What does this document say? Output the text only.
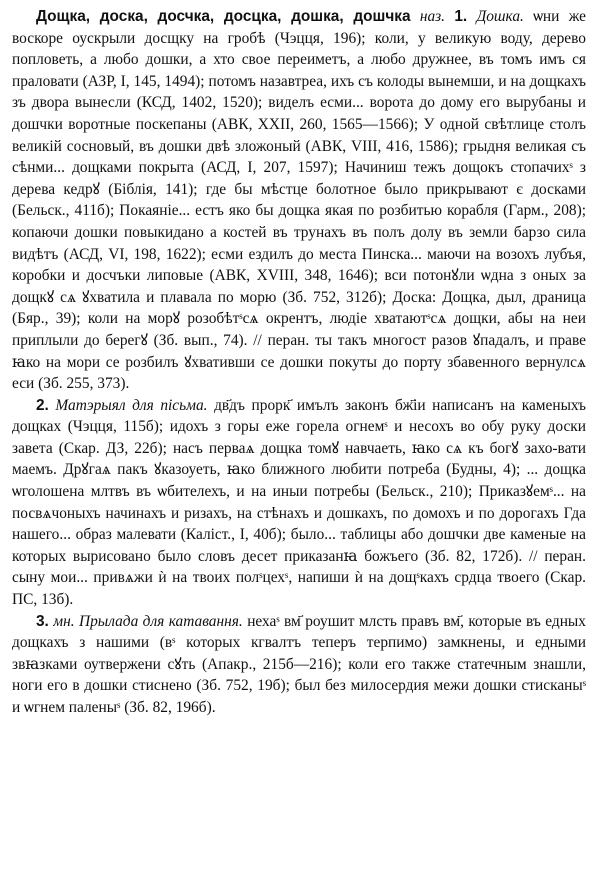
Дощка, доска, досчка, досцка, дошка, дошчка наз. 1. Дошка. ѡни же воскоре оускрыли досщку на гробѣ (Чэцця, 196); коли, у великую воду, дерево попловеть, а любо дошки, а хто свое переиметъ, а любо дружнее, въ томъ имъ ся праловати (АЗР, I, 145, 1494); потомъ назавтреа, ихъ съ колоды вынемши, и на дощкахъ зъ двора вынесли (КСД, 1402, 1520); виделъ есми... ворота до дому его вырубаны и дошчки воротные поскепаны (АВК, XXII, 260, 1565—1566); У одной свѣтлице столъ великій сосновый, въ дошки двѣ зложоный (АВК, VIII, 416, 1586); грыдня великая съ сѣнми... дощками покрыта (АСД, I, 207, 1597); Начиниш тежъ дощокъ стопачихˢ з дерева кедрꙋ (Біблія, 141); где бы мѣстце болотное было прикрывают є досками (Бельск., 411б); Покаяніе... естъ яко бы дощка якая по розбитью корабля (Гарм., 208); копаючи дошки повыкидано а костей въ трунахъ въ полъ долу въ земли барзо сила видѣтъ (АСД, VI, 198, 1622); есми ездилъ до места Пинска... маючи на возохъ лубъя, коробки и досчъки липовые (АВК, XVIII, 348, 1646); вси потонꙋли ѡдна з оных за дощкꙋ сѧ ꙋхватила и плавала по морю (Зб. 752, 312б); Доска: Дощка, дыл, драница (Бяр., 39); коли на морꙋ розобѣтˢсѧ окрентъ, людіе хватаютˢсѧ дощки, абы на неи приплыли до берегꙋ (Зб. вып., 74). // перан. ты такъ многост разов ꙋпадалъ, и праве ꙗко на мори се розбилъ ꙋхвативши се дошки покуты до порту збавенного вернулсѧ еси (Зб. 255, 373).

2. Матэрыял для пісьма. дв҃дъ прорк҃ имълъ законъ бж҃іи написанъ на каменыхъ дощках (Чэцця, 115б); идохъ з горы еже горела огнемˢ и несохъ во обу руку доски завета (Скар. ДЗ, 22б); насъ перваѧ дощка томꙋ навчаеть, ꙗко сѧ къ богꙋ захо-вати маемъ. Дрꙋгаѧ пакъ ꙋказоуеть, ꙗко ближного любити потреба (Будны, 4); ... дощка ѡголошена млтвъ въ ѡбителехъ, и на иныи потребы (Бельск., 210); Приказꙋемˢ... на посвѧчоныхъ начинахъ и ризахъ, на стѣнахъ и дошкахъ, по домохъ и по дорогахъ Гда нашего... образ малевати (Каліст., I, 40б); было... таблицы або дошчки две каменые на которых вырисовано было словъ десет приказанꙗ божъего (Зб. 82, 172б). // перан. сыну мои... привѧжи ѝ на твоих полˢцехˢ, напиши ѝ на дощˢкахъ срдца твоего (Скар. ПС, 13б).

3. мн. Прылада для катавання. нехаˢ вм҃ роушит млсть правъ вм҃, которые въ едных дощкахъ з нашими (вˢ которых кгвалтъ теперъ терпимо) замкнены, и едными звꙗзками оутвержени сꙋть (Апакр., 215б—216); коли его также статечным знашли, ноги его в дошки стиснено (Зб. 752, 19б); был без милосердия межи дошки стисканыˢ и ѡгнем паленыˢ (Зб. 82, 196б).
